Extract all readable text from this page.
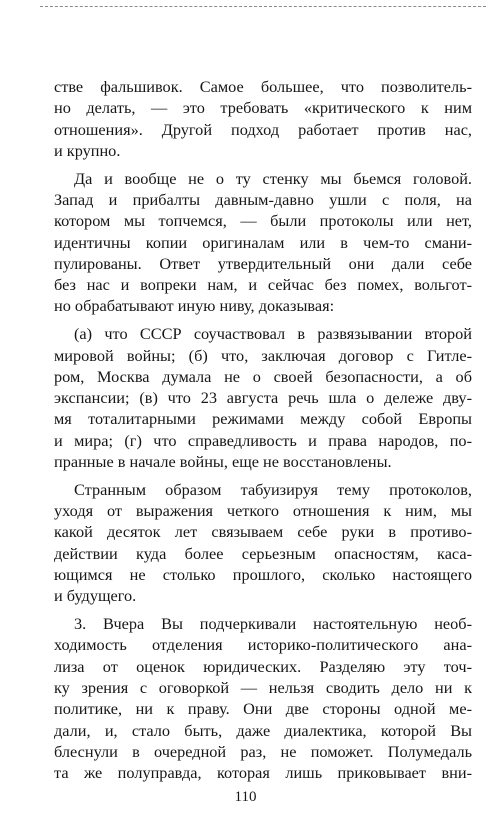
стве фальшивок. Самое большее, что позволитель-
но делать, — это требовать «критического к ним
отношения». Другой подход работает против нас,
и крупно.
Да и вообще не о ту стенку мы бьемся головой.
Запад и прибалты давным-давно ушли с поля, на
котором мы топчемся, — были протоколы или нет,
идентичны копии оригиналам или в чем-то смани-
пулированы. Ответ утвердительный они дали себе
без нас и вопреки нам, и сейчас без помех, вольгот-
но обрабатывают иную ниву, доказывая:
(а) что СССР соучаствовал в развязывании второй
мировой войны; (б) что, заключая договор с Гитле-
ром, Москва думала не о своей безопасности, а об
экспансии; (в) что 23 августа речь шла о дележе дву-
мя тоталитарными режимами между собой Европы
и мира; (г) что справедливость и права народов, по-
пранные в начале войны, еще не восстановлены.
Странным образом табуизируя тему протоколов,
уходя от выражения четкого отношения к ним, мы
какой десяток лет связываем себе руки в противо-
действии куда более серьезным опасностям, каса-
ющимся не столько прошлого, сколько настоящего
и будущего.
3. Вчера Вы подчеркивали настоятельную необ-
ходимость отделения историко-политического ана-
лиза от оценок юридических. Разделяю эту точ-
ку зрения с оговоркой — нельзя сводить дело ни к
политике, ни к праву. Они две стороны одной ме-
дали, и, стало быть, даже диалектика, которой Вы
блеснули в очередной раз, не поможет. Полумедаль
та же полуправда, которая лишь приковывает вни-
110
